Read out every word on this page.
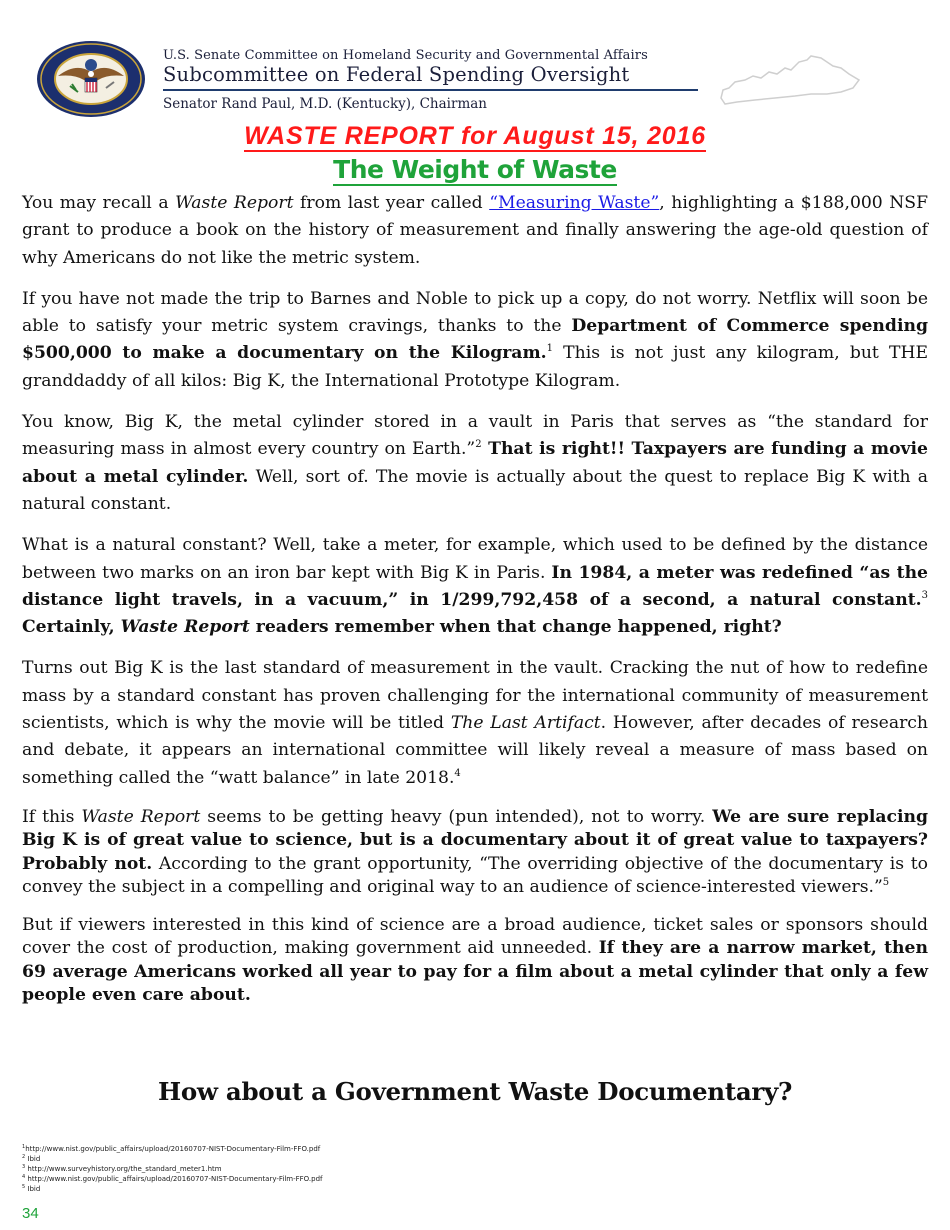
U.S. Senate Committee on Homeland Security and Governmental Affairs
Subcommittee on Federal Spending Oversight
Senator Rand Paul, M.D. (Kentucky), Chairman
WASTE REPORT for August 15, 2016
The Weight of Waste

You may recall a Waste Report from last year called “Measuring Waste”, highlighting a $188,000 NSF grant to produce a book on the history of measurement and finally answering the age-old question of why Americans do not like the metric system.

If you have not made the trip to Barnes and Noble to pick up a copy, do not worry. Netflix will soon be able to satisfy your metric system cravings, thanks to the Department of Commerce spending $500,000 to make a documentary on the Kilogram.$^1$ This is not just any kilogram, but THE granddaddy of all kilos: Big K, the International Prototype Kilogram.

You know, Big K, the metal cylinder stored in a vault in Paris that serves as “the standard for measuring mass in almost every country on Earth.”$^2$ That is right!! Taxpayers are funding a movie about a metal cylinder. Well, sort of. The movie is actually about the quest to replace Big K with a natural constant.

What is a natural constant? Well, take a meter, for example, which used to be defined by the distance between two marks on an iron bar kept with Big K in Paris. In 1984, a meter was redefined “as the distance light travels, in a vacuum,” in 1/299,792,458 of a second, a natural constant.$^3$ Certainly, Waste Report readers remember when that change happened, right?

Turns out Big K is the last standard of measurement in the vault. Cracking the nut of how to redefine mass by a standard constant has proven challenging for the international community of measurement scientists, which is why the movie will be titled The Last Artifact. However, after decades of research and debate, it appears an international committee will likely reveal a measure of mass based on something called the “watt balance” in late 2018.$^4$

If this Waste Report seems to be getting heavy (pun intended), not to worry. We are sure replacing Big K is of great value to science, but is a documentary about it of great value to taxpayers? Probably not. According to the grant opportunity, “The overriding objective of the documentary is to convey the subject in a compelling and original way to an audience of science-interested viewers.”$^5$

But if viewers interested in this kind of science are a broad audience, ticket sales or sponsors should cover the cost of production, making government aid unneeded. If they are a narrow market, then 69 average Americans worked all year to pay for a film about a metal cylinder that only a few people even care about.

How about a Government Waste Documentary?
$^1$http://www.nist.gov/public_affairs/upload/20160707-NIST-Documentary-Film-FFO.pdf
$^2$ Ibid
$^3$ http://www.surveyhistory.org/the_standard_meter1.htm
$^4$ http://www.nist.gov/public_affairs/upload/20160707-NIST-Documentary-Film-FFO.pdf
$^5$ Ibid
34
